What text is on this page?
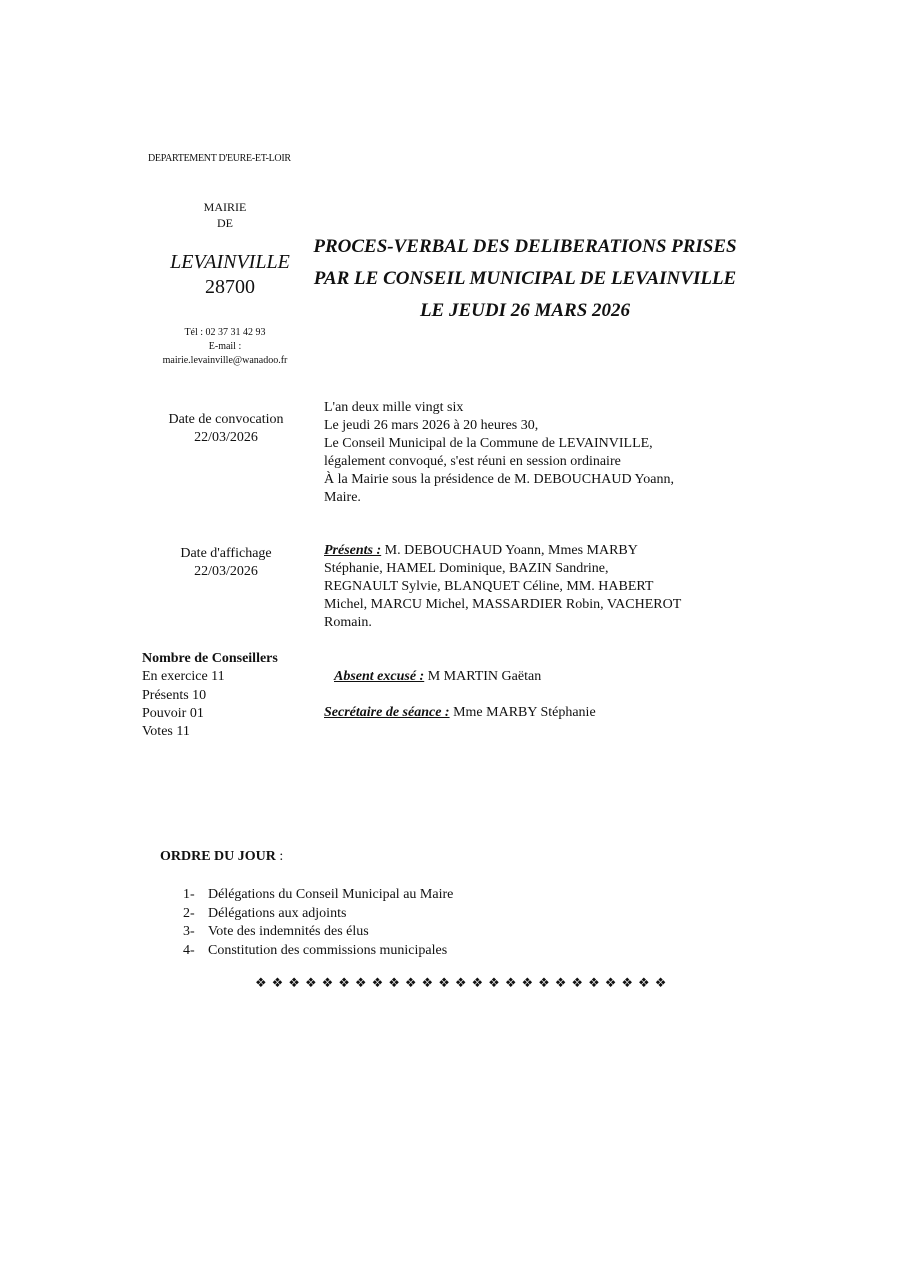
DEPARTEMENT D'EURE-ET-LOIR
MAIRIE
DE
LEVAINVILLE
28700
Tél : 02 37 31 42 93
E-mail :
mairie.levainville@wanadoo.fr
PROCES-VERBAL DES DELIBERATIONS PRISES
PAR LE CONSEIL MUNICIPAL DE LEVAINVILLE
LE JEUDI 26 MARS 2026
Date de convocation
22/03/2026
L'an deux mille vingt six
Le jeudi 26 mars 2026 à 20 heures 30,
Le Conseil Municipal de la Commune de LEVAINVILLE,
légalement convoqué, s'est réuni en session ordinaire
À la Mairie sous la présidence de M. DEBOUCHAUD Yoann,
Maire.
Date d'affichage
22/03/2026
Présents : M. DEBOUCHAUD Yoann, Mmes MARBY
Stéphanie, HAMEL Dominique, BAZIN Sandrine,
REGNAULT Sylvie, BLANQUET Céline, MM. HABERT
Michel, MARCU Michel, MASSARDIER Robin, VACHEROT
Romain.
Nombre de Conseillers
En exercice 11
Présents 10
Pouvoir 01
Votes 11
Absent excusé : M MARTIN Gaëtan
Secrétaire de séance : Mme MARBY Stéphanie
ORDRE DU JOUR :
1- Délégations du Conseil Municipal au Maire
2- Délégations aux adjoints
3- Vote des indemnités des élus
4- Constitution des commissions municipales
❖❖❖❖❖❖❖❖❖❖❖❖❖❖❖❖❖❖❖❖❖❖❖❖❖
